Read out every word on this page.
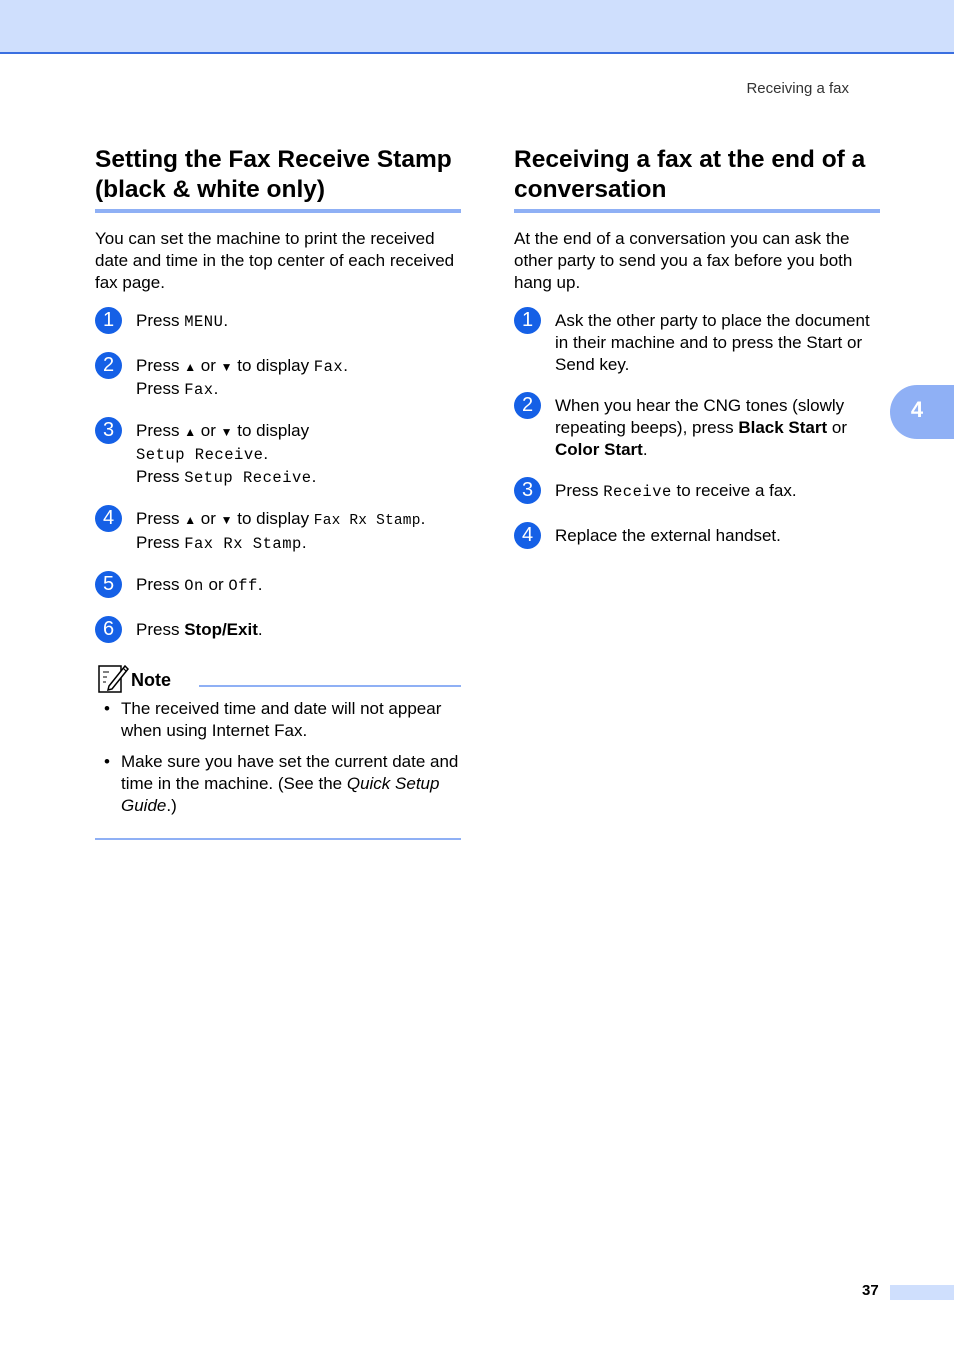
Receiving a fax
Setting the Fax Receive Stamp (black & white only)

You can set the machine to print the received date and time in the top center of each received fax page.

1	Press MENU.
2	Press ▲ or ▼ to display Fax.
Press Fax.
3	Press ▲ or ▼ to display
Setup Receive.
Press Setup Receive.
4	Press ▲ or ▼ to display Fax Rx Stamp.
Press Fax Rx Stamp.
5	Press On or Off.
6	Press Stop/Exit.
Note
• The received time and date will not appear when using Internet Fax.
• Make sure you have set the current date and time in the machine. (See the Quick Setup Guide.)
Receiving a fax at the end of a conversation

At the end of a conversation you can ask the other party to send you a fax before you both hang up.

1	Ask the other party to place the document in their machine and to press the Start or Send key.
2	When you hear the CNG tones (slowly repeating beeps), press Black Start or Color Start.
3	Press Receive to receive a fax.
4	Replace the external handset.
4
37
